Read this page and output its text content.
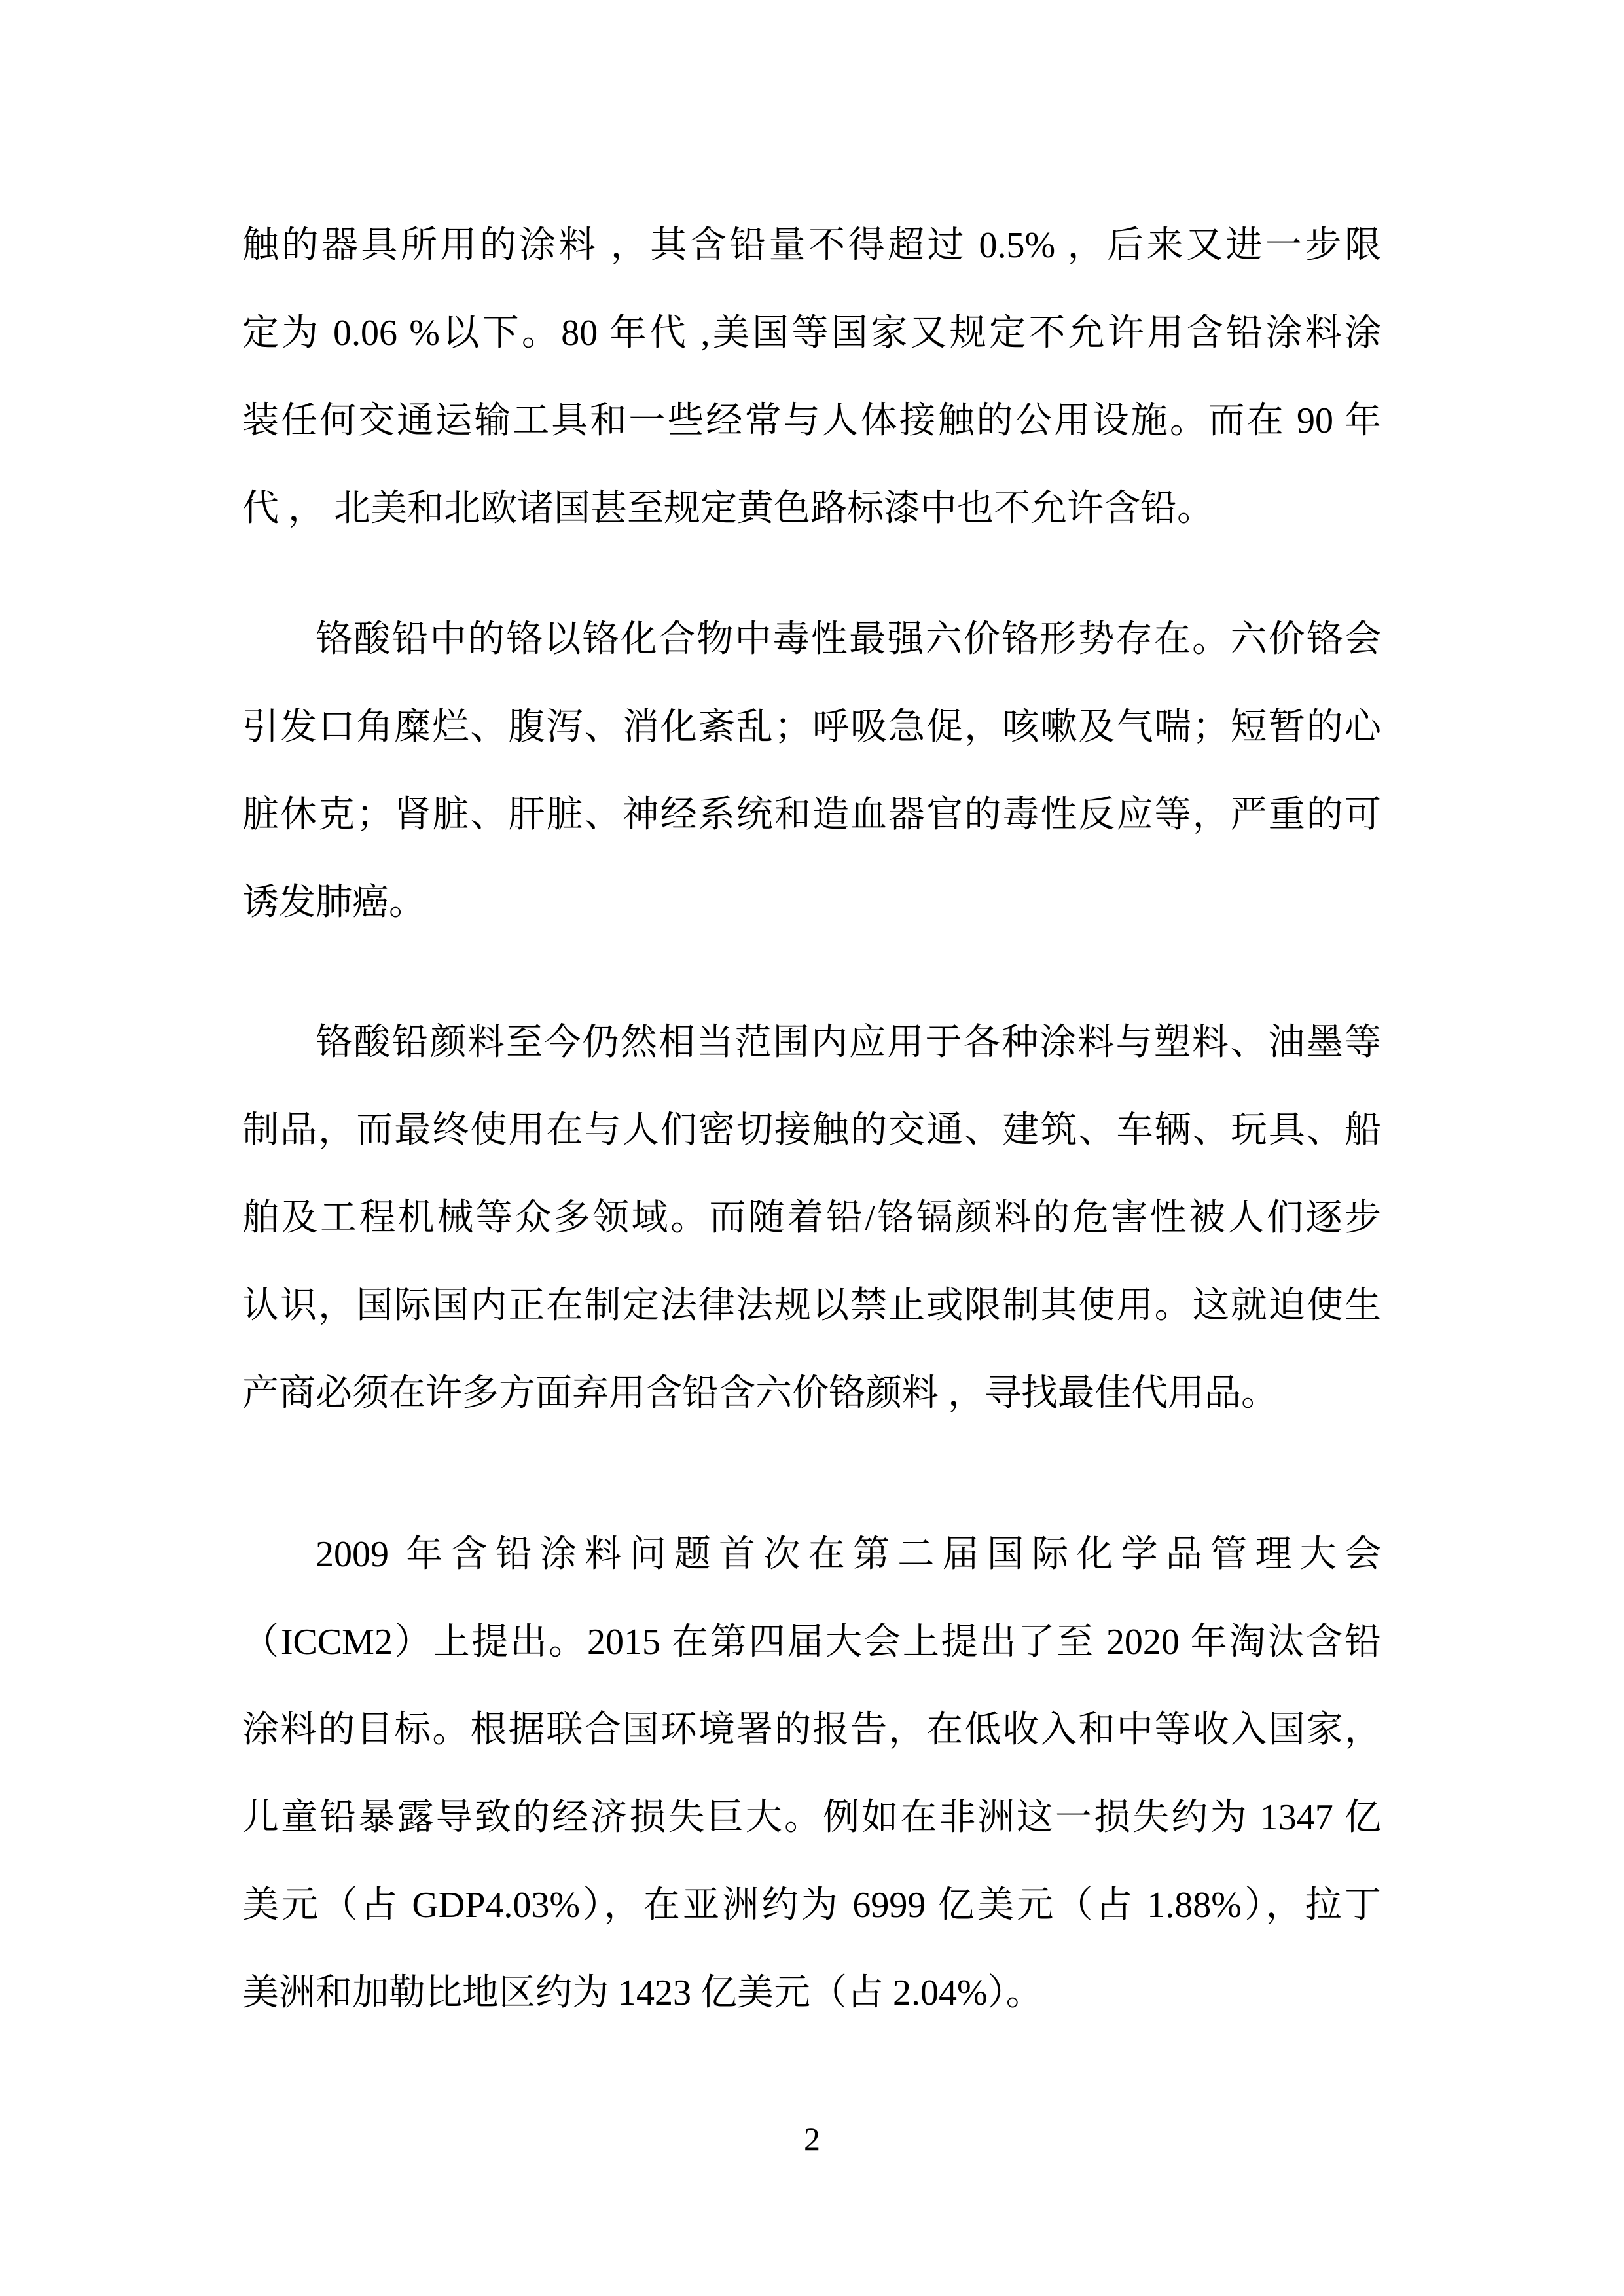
触的器具所用的涂料 ，其含铅量不得超过 0.5% ，后来又进一步限
定为 0.06 %以下。80 年代 ,美国等国家又规定不允许用含铅涂料涂
装任何交通运输工具和一些经常与人体接触的公用设施。而在 90 年
代 ， 北美和北欧诸国甚至规定黄色路标漆中也不允许含铅。
铬酸铅中的铬以铬化合物中毒性最强六价铬形势存在。六价铬会
引发口角糜烂、腹泻、消化紊乱；呼吸急促，咳嗽及气喘；短暂的心
脏休克；肾脏、肝脏、神经系统和造血器官的毒性反应等，严重的可
诱发肺癌。
铬酸铅颜料至今仍然相当范围内应用于各种涂料与塑料、油墨等
制品，而最终使用在与人们密切接触的交通、建筑、车辆、玩具、船
舶及工程机械等众多领域。而随着铅/铬镉颜料的危害性被人们逐步
认识，国际国内正在制定法律法规以禁止或限制其使用。这就迫使生
产商必须在许多方面弃用含铅含六价铬颜料 ，寻找最佳代用品。
2009 年含铅涂料问题首次在第二届国际化学品管理大会
（ICCM2）上提出。2015 在第四届大会上提出了至 2020 年淘汰含铅
涂料的目标。根据联合国环境署的报告，在低收入和中等收入国家，
儿童铅暴露导致的经济损失巨大。例如在非洲这一损失约为 1347 亿
美元（占 GDP4.03%），在亚洲约为 6999 亿美元（占 1.88%），拉丁
美洲和加勒比地区约为 1423 亿美元（占 2.04%）。
2
